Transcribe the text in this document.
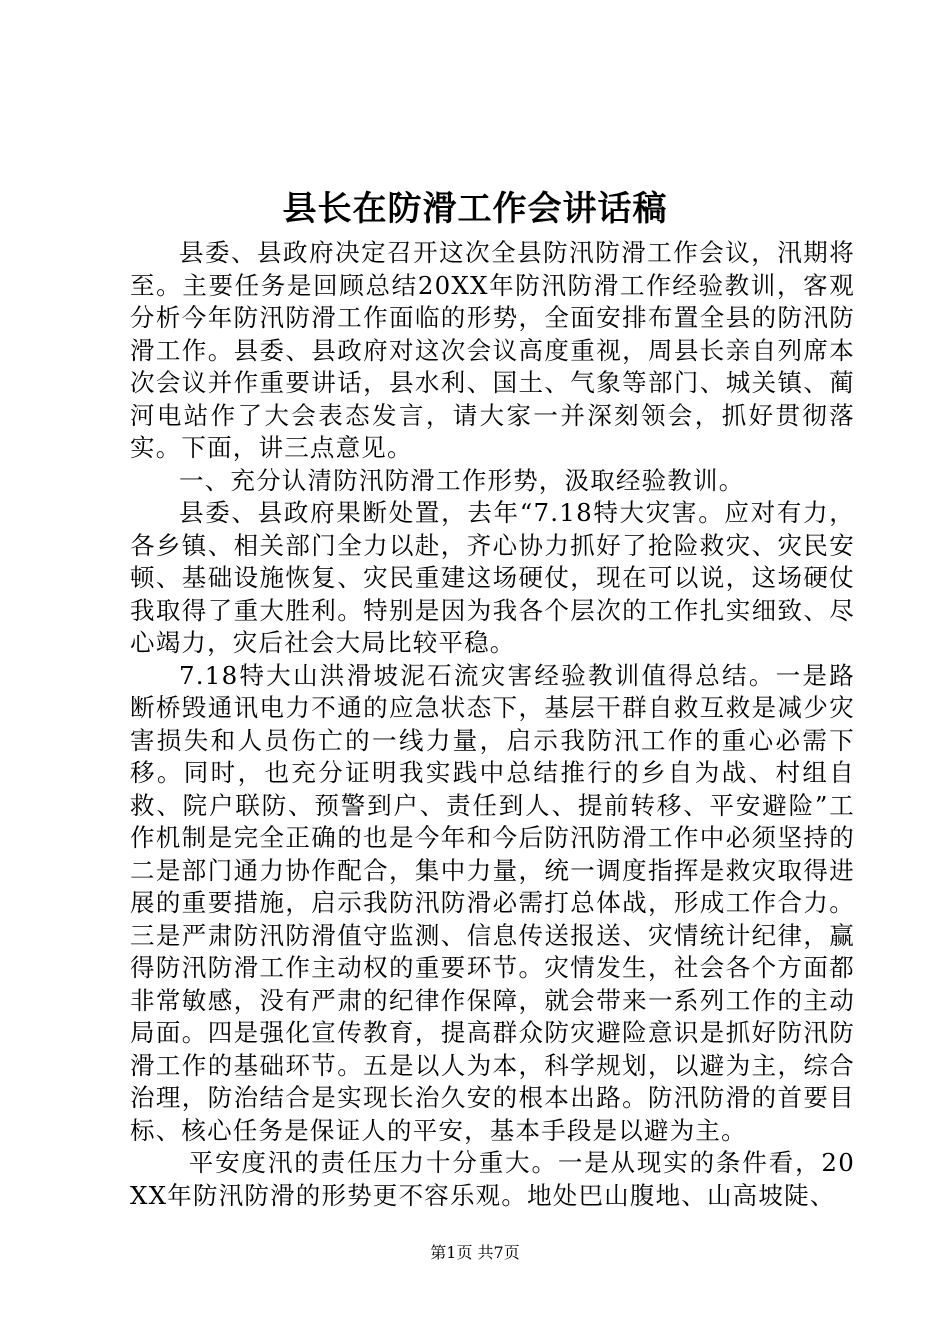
县长在防滑工作会讲话稿

县委、县政府决定召开这次全县防汛防滑工作会议，汛期将至。主要任务是回顾总结20XX年防汛防滑工作经验教训，客观分析今年防汛防滑工作面临的形势，全面安排布置全县的防汛防滑工作。县委、县政府对这次会议高度重视，周县长亲自列席本次会议并作重要讲话，县水利、国土、气象等部门、城关镇、蔺河电站作了大会表态发言，请大家一并深刻领会，抓好贯彻落实。下面，讲三点意见。

一、充分认清防汛防滑工作形势，汲取经验教训。

县委、县政府果断处置，去年“7.18特大灾害。应对有力，各乡镇、相关部门全力以赴，齐心协力抓好了抢险救灾、灾民安顿、基础设施恢复、灾民重建这场硬仗，现在可以说，这场硬仗我取得了重大胜利。特别是因为我各个层次的工作扎实细致、尽心竭力，灾后社会大局比较平稳。

7.18特大山洪滑坡泥石流灾害经验教训值得总结。一是路断桥毁通讯电力不通的应急状态下，基层干群自救互救是减少灾害损失和人员伤亡的一线力量，启示我防汛工作的重心必需下移。同时，也充分证明我实践中总结推行的乡自为战、村组自救、院户联防、预警到户、责任到人、提前转移、平安避险”工作机制是完全正确的也是今年和今后防汛防滑工作中必须坚持的二是部门通力协作配合，集中力量，统一调度指挥是救灾取得进展的重要措施，启示我防汛防滑必需打总体战，形成工作合力。三是严肃防汛防滑值守监测、信息传送报送、灾情统计纪律，赢得防汛防滑工作主动权的重要环节。灾情发生，社会各个方面都非常敏感，没有严肃的纪律作保障，就会带来一系列工作的主动局面。四是强化宣传教育，提高群众防灾避险意识是抓好防汛防滑工作的基础环节。五是以人为本，科学规划，以避为主，综合治理，防治结合是实现长治久安的根本出路。防汛防滑的首要目标、核心任务是保证人的平安，基本手段是以避为主。

平安度汛的责任压力十分重大。一是从现实的条件看，20XX年防汛防滑的形势更不容乐观。地处巴山腹地、山高坡陡、

第1页 共7页
